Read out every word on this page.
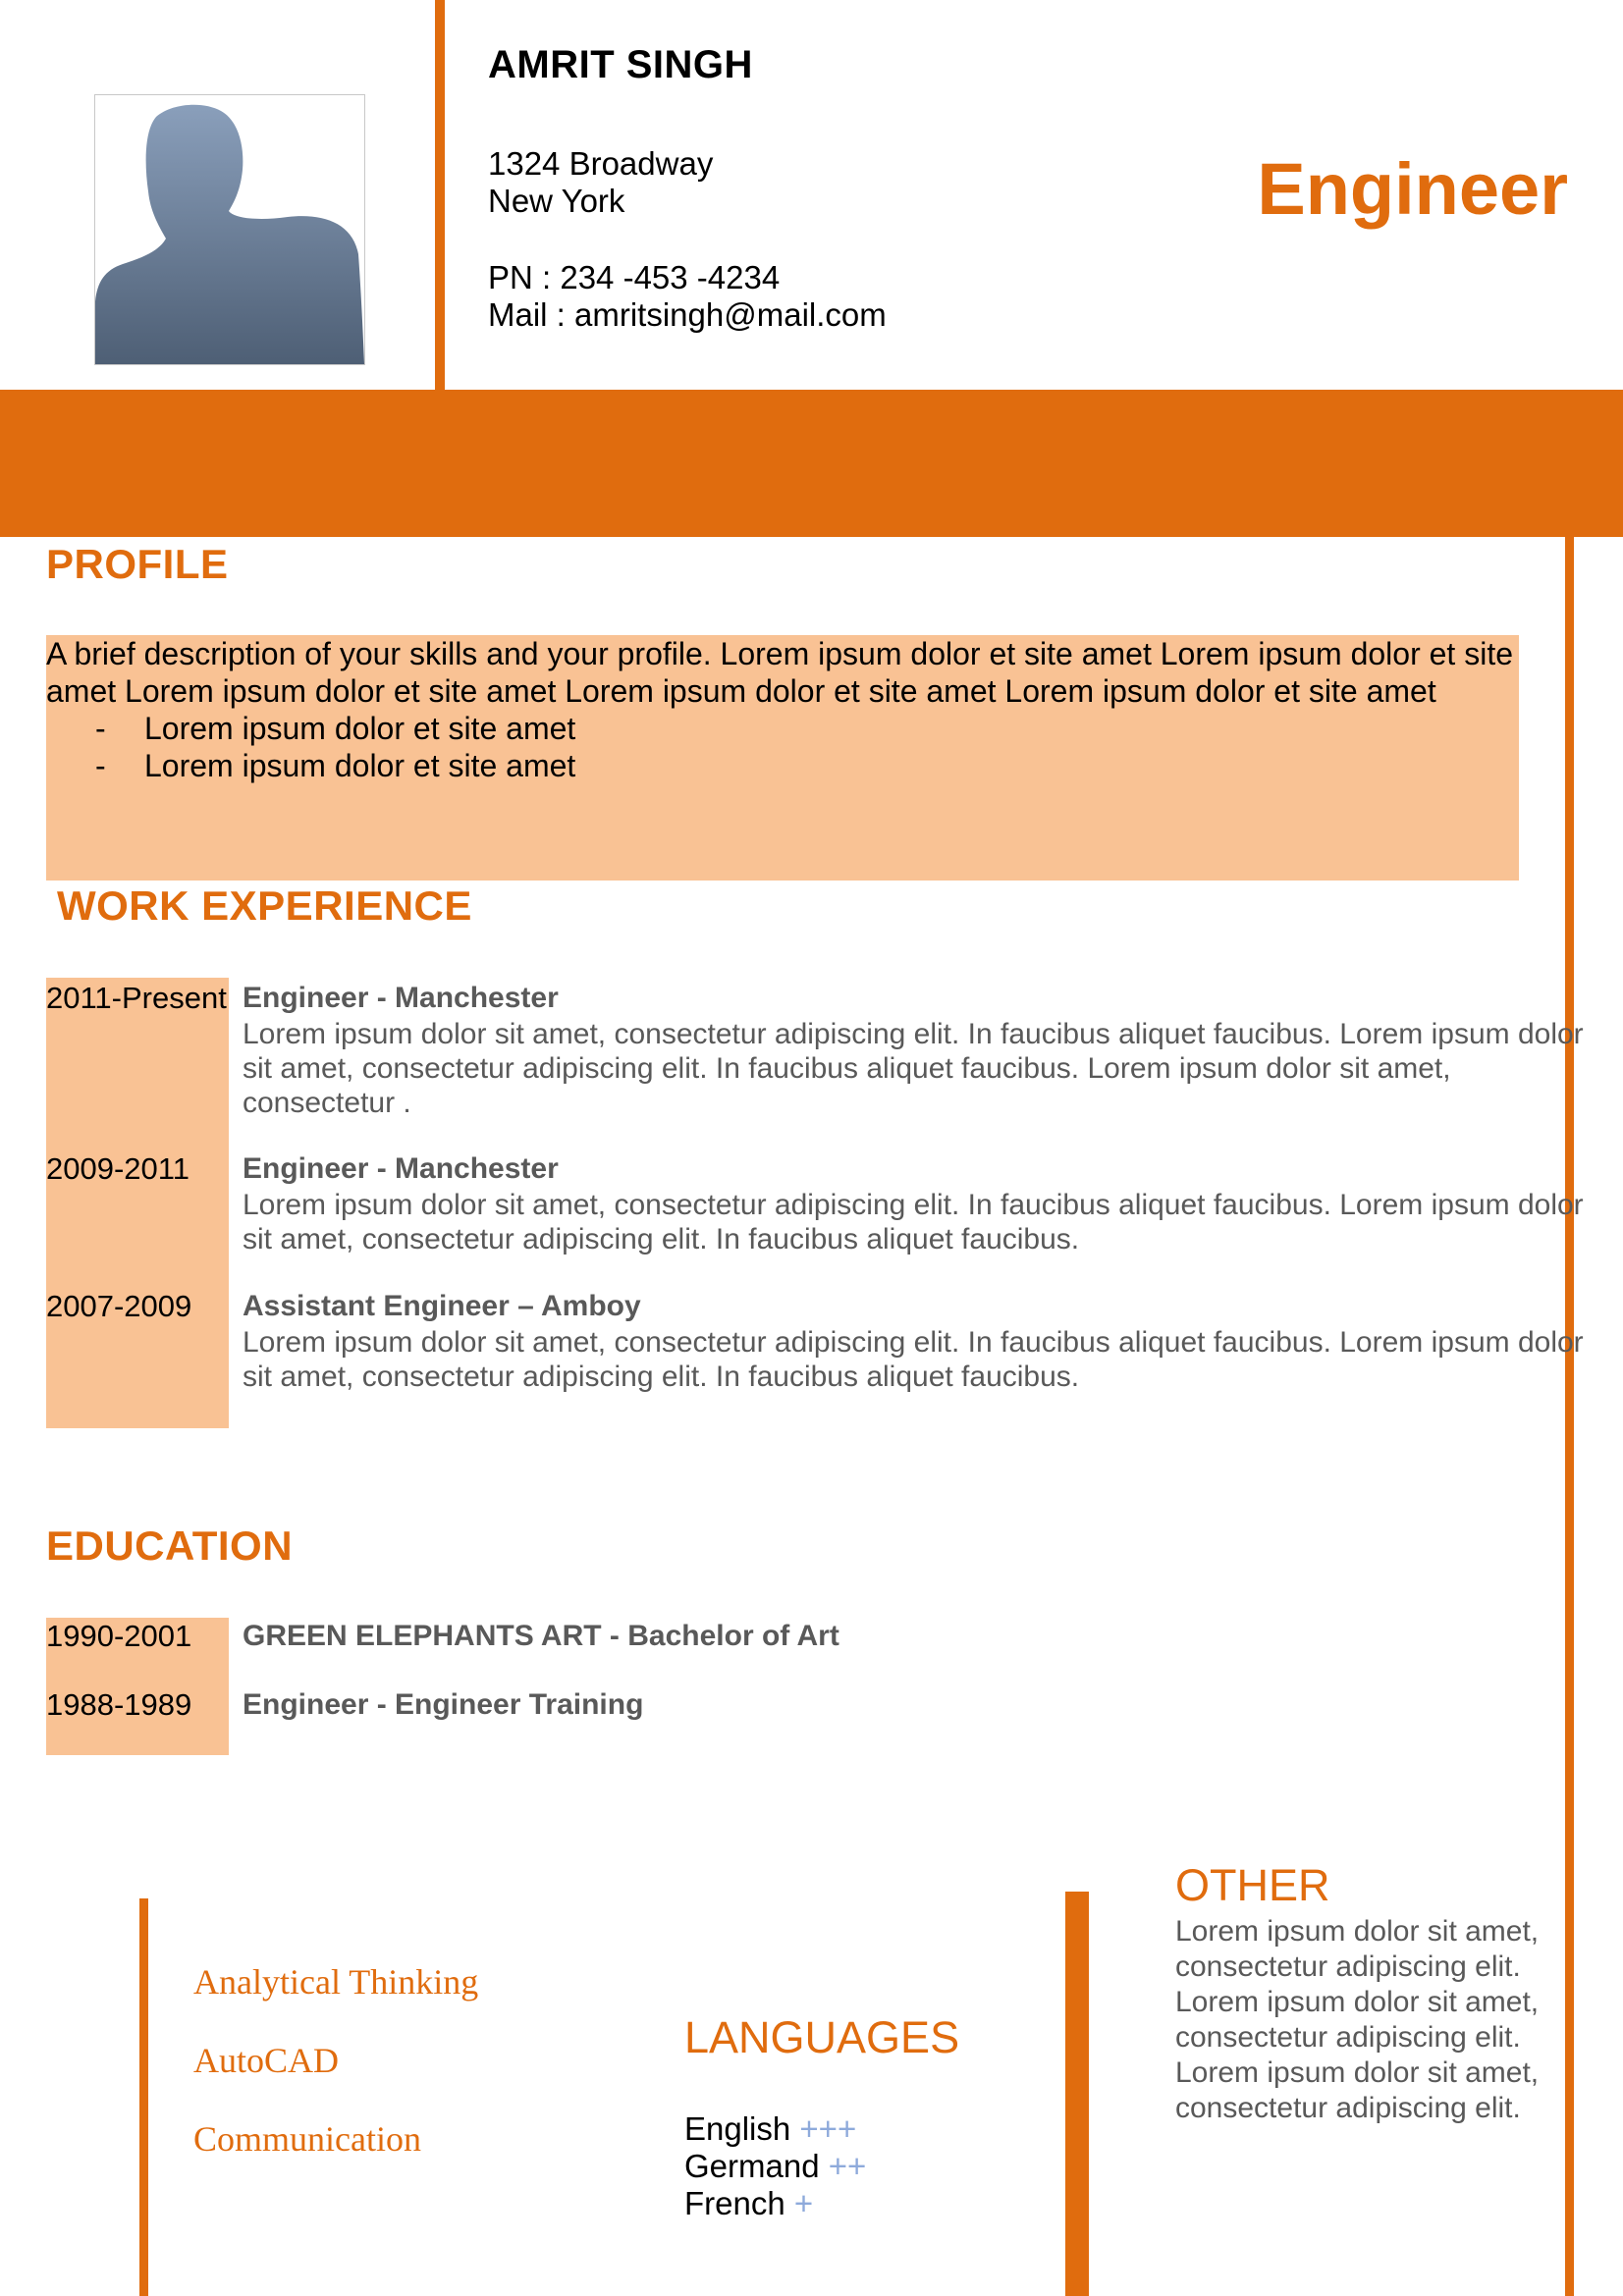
AMRIT SINGH
1324 Broadway
New York
PN : 234 -453 -4234
Mail : amritsingh@mail.com
Engineer
PROFILE
A brief description of your skills and your profile. Lorem ipsum dolor et site amet Lorem ipsum dolor et site amet Lorem ipsum dolor et site amet Lorem ipsum dolor et site amet Lorem ipsum dolor et site amet
- Lorem ipsum dolor et site amet
- Lorem ipsum dolor et site amet
WORK EXPERIENCE
2011-Present Engineer - Manchester
Lorem ipsum dolor sit amet, consectetur adipiscing elit. In faucibus aliquet faucibus. Lorem ipsum dolor sit amet, consectetur adipiscing elit. In faucibus aliquet faucibus. Lorem ipsum dolor sit amet, consectetur .
2009-2011 Engineer - Manchester
Lorem ipsum dolor sit amet, consectetur adipiscing elit. In faucibus aliquet faucibus. Lorem ipsum dolor sit amet, consectetur adipiscing elit. In faucibus aliquet faucibus.
2007-2009 Assistant Engineer – Amboy
Lorem ipsum dolor sit amet, consectetur adipiscing elit. In faucibus aliquet faucibus. Lorem ipsum dolor sit amet, consectetur adipiscing elit. In faucibus aliquet faucibus.
EDUCATION
1990-2001 GREEN ELEPHANTS ART - Bachelor of Art
1988-1989 Engineer - Engineer Training
Analytical Thinking
AutoCAD
Communication
LANGUAGES
English +++
Germand ++
French +
OTHER
Lorem ipsum dolor sit amet, consectetur adipiscing elit. Lorem ipsum dolor sit amet, consectetur adipiscing elit. Lorem ipsum dolor sit amet, consectetur adipiscing elit.
